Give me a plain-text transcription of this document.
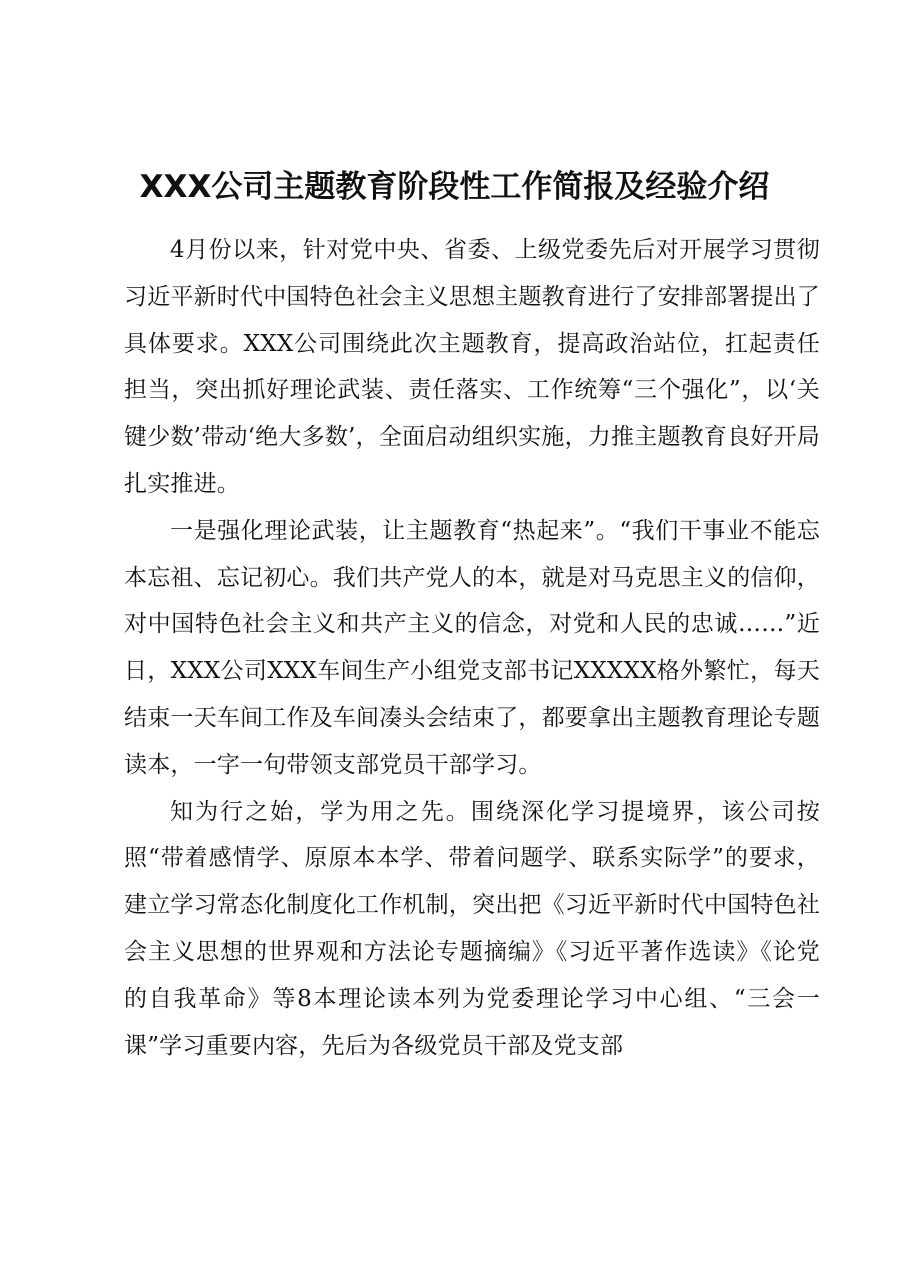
XXX公司主题教育阶段性工作简报及经验介绍

4月份以来，针对党中央、省委、上级党委先后对开展学习贯彻习近平新时代中国特色社会主义思想主题教育进行了安排部署提出了具体要求。XXX公司围绕此次主题教育，提高政治站位，扛起责任担当，突出抓好理论武装、责任落实、工作统筹“三个强化”，以‘关键少数’带动‘绝大多数’，全面启动组织实施，力推主题教育良好开局扎实推进。

一是强化理论武装，让主题教育“热起来”。“我们干事业不能忘本忘祖、忘记初心。我们共产党人的本，就是对马克思主义的信仰，对中国特色社会主义和共产主义的信念，对党和人民的忠诚……”近日，XXX公司XXX车间生产小组党支部书记XXXXX格外繁忙，每天结束一天车间工作及车间凑头会结束了，都要拿出主题教育理论专题读本，一字一句带领支部党员干部学习。

知为行之始，学为用之先。围绕深化学习提境界，该公司按照“带着感情学、原原本本学、带着问题学、联系实际学”的要求，建立学习常态化制度化工作机制，突出把《习近平新时代中国特色社会主义思想的世界观和方法论专题摘编》《习近平著作选读》《论党的自我革命》等8本理论读本列为党委理论学习中心组、“三会一课”学习重要内容，先后为各级党员干部及党支部
